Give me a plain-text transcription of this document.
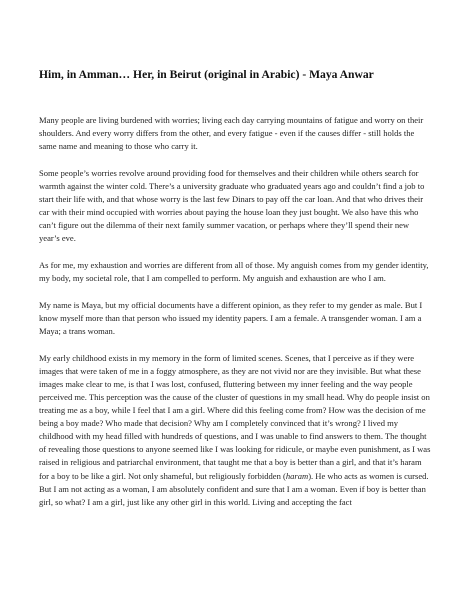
Him, in Amman… Her, in Beirut (original in Arabic) - Maya Anwar

Many people are living burdened with worries; living each day carrying mountains of fatigue and worry on their shoulders. And every worry differs from the other, and every fatigue - even if the causes differ - still holds the same name and meaning to those who carry it.

Some people’s worries revolve around providing food for themselves and their children while others search for warmth against the winter cold. There’s a university graduate who graduated years ago and couldn’t find a job to start their life with, and that whose worry is the last few Dinars to pay off the car loan. And that who drives their car with their mind occupied with worries about paying the house loan they just bought. We also have this who can’t figure out the dilemma of their next family summer vacation, or perhaps where they’ll spend their new year’s eve.

As for me, my exhaustion and worries are different from all of those. My anguish comes from my gender identity, my body, my societal role, that I am compelled to perform. My anguish and exhaustion are who I am.

My name is Maya, but my official documents have a different opinion, as they refer to my gender as male. But I know myself more than that person who issued my identity papers. I am a female. A transgender woman. I am a Maya; a trans woman.

My early childhood exists in my memory in the form of limited scenes. Scenes, that I perceive as if they were images that were taken of me in a foggy atmosphere, as they are not vivid nor are they invisible. But what these images make clear to me, is that I was lost, confused, fluttering between my inner feeling and the way people perceived me. This perception was the cause of the cluster of questions in my small head. Why do people insist on treating me as a boy, while I feel that I am a girl. Where did this feeling come from? How was the decision of me being a boy made? Who made that decision? Why am I completely convinced that it’s wrong? I lived my childhood with my head filled with hundreds of questions, and I was unable to find answers to them. The thought of revealing those questions to anyone seemed like I was looking for ridicule, or maybe even punishment, as I was raised in religious and patriarchal environment, that taught me that a boy is better than a girl, and that it’s haram for a boy to be like a girl. Not only shameful, but religiously forbidden (haram). He who acts as women is cursed. But I am not acting as a woman, I am absolutely confident and sure that I am a woman. Even if boy is better than girl, so what? I am a girl, just like any other girl in this world. Living and accepting the fact
